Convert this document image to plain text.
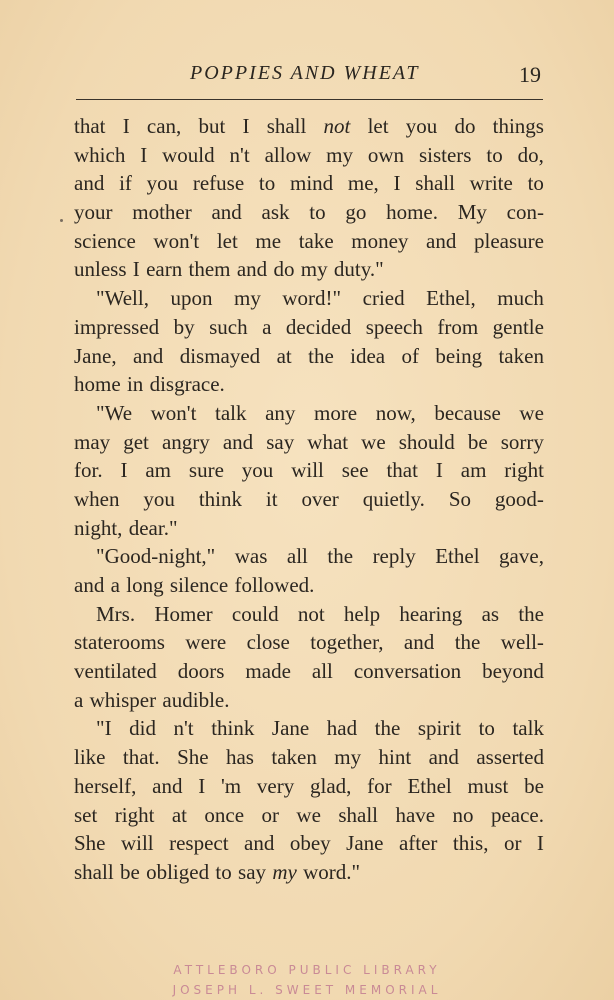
POPPIES AND WHEAT	19
that I can, but I shall not let you do things
which I would n't allow my own sisters to do,
and if you refuse to mind me, I shall write to
your mother and ask to go home. My con-
science won't let me take money and pleasure
unless I earn them and do my duty."
"Well, upon my word!" cried Ethel, much
impressed by such a decided speech from gentle
Jane, and dismayed at the idea of being taken
home in disgrace.
"We won't talk any more now, because we
may get angry and say what we should be sorry
for. I am sure you will see that I am right
when you think it over quietly. So good-
night, dear."
"Good-night," was all the reply Ethel gave,
and a long silence followed.
Mrs. Homer could not help hearing as the
staterooms were close together, and the well-
ventilated doors made all conversation beyond
a whisper audible.
"I did n't think Jane had the spirit to talk
like that. She has taken my hint and asserted
herself, and I 'm very glad, for Ethel must be
set right at once or we shall have no peace.
She will respect and obey Jane after this, or I
shall be obliged to say my word."
ATTLEBORO PUBLIC LIBRARY
JOSEPH L. SWEET MEMORIAL
